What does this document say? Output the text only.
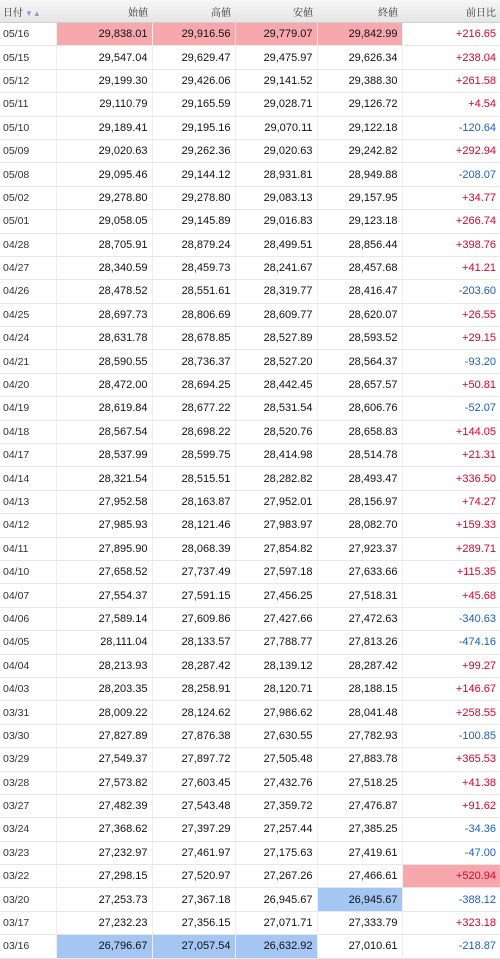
日付 ▼▲	始値	高値	安値	終値	前日比
05/16	29,838.01	29,916.56	29,779.07	29,842.99	+216.65
05/15	29,547.04	29,629.47	29,475.97	29,626.34	+238.04
05/12	29,199.30	29,426.06	29,141.52	29,388.30	+261.58
05/11	29,110.79	29,165.59	29,028.71	29,126.72	+4.54
05/10	29,189.41	29,195.16	29,070.11	29,122.18	-120.64
05/09	29,020.63	29,262.36	29,020.63	29,242.82	+292.94
05/08	29,095.46	29,144.12	28,931.81	28,949.88	-208.07
05/02	29,278.80	29,278.80	29,083.13	29,157.95	+34.77
05/01	29,058.05	29,145.89	29,016.83	29,123.18	+266.74
04/28	28,705.91	28,879.24	28,499.51	28,856.44	+398.76
04/27	28,340.59	28,459.73	28,241.67	28,457.68	+41.21
04/26	28,478.52	28,551.61	28,319.77	28,416.47	-203.60
04/25	28,697.73	28,806.69	28,609.77	28,620.07	+26.55
04/24	28,631.78	28,678.85	28,527.89	28,593.52	+29.15
04/21	28,590.55	28,736.37	28,527.20	28,564.37	-93.20
04/20	28,472.00	28,694.25	28,442.45	28,657.57	+50.81
04/19	28,619.84	28,677.22	28,531.54	28,606.76	-52.07
04/18	28,567.54	28,698.22	28,520.76	28,658.83	+144.05
04/17	28,537.99	28,599.75	28,414.98	28,514.78	+21.31
04/14	28,321.54	28,515.51	28,282.82	28,493.47	+336.50
04/13	27,952.58	28,163.87	27,952.01	28,156.97	+74.27
04/12	27,985.93	28,121.46	27,983.97	28,082.70	+159.33
04/11	27,895.90	28,068.39	27,854.82	27,923.37	+289.71
04/10	27,658.52	27,737.49	27,597.18	27,633.66	+115.35
04/07	27,554.37	27,591.15	27,456.25	27,518.31	+45.68
04/06	27,589.14	27,609.86	27,427.66	27,472.63	-340.63
04/05	28,111.04	28,133.57	27,788.77	27,813.26	-474.16
04/04	28,213.93	28,287.42	28,139.12	28,287.42	+99.27
04/03	28,203.35	28,258.91	28,120.71	28,188.15	+146.67
03/31	28,009.22	28,124.62	27,986.62	28,041.48	+258.55
03/30	27,827.89	27,876.38	27,630.55	27,782.93	-100.85
03/29	27,549.37	27,897.72	27,505.48	27,883.78	+365.53
03/28	27,573.82	27,603.45	27,432.76	27,518.25	+41.38
03/27	27,482.39	27,543.48	27,359.72	27,476.87	+91.62
03/24	27,368.62	27,397.29	27,257.44	27,385.25	-34.36
03/23	27,232.97	27,461.97	27,175.63	27,419.61	-47.00
03/22	27,298.15	27,520.97	27,267.26	27,466.61	+520.94
03/20	27,253.73	27,367.18	26,945.67	26,945.67	-388.12
03/17	27,232.23	27,356.15	27,071.71	27,333.79	+323.18
03/16	26,796.67	27,057.54	26,632.92	27,010.61	-218.87
